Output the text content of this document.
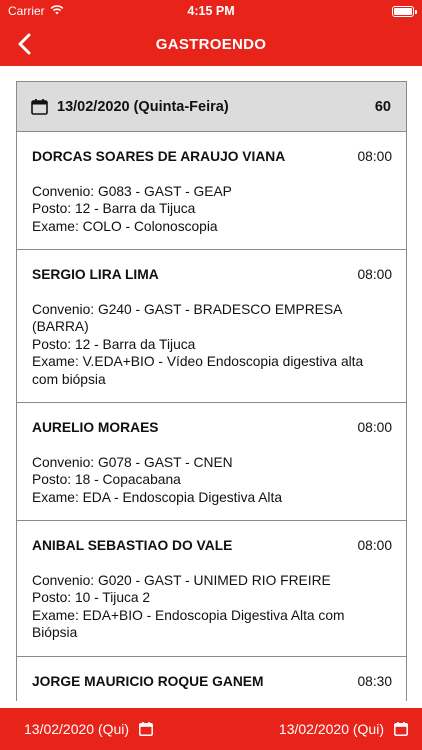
Carrier	4:15 PM
GASTROENDO
13/02/2020 (Quinta-Feira)	60
DORCAS SOARES DE ARAUJO VIANA	08:00
Convenio: G083 - GAST - GEAP
Posto: 12 - Barra da Tijuca
Exame: COLO - Colonoscopia
SERGIO LIRA LIMA	08:00
Convenio: G240 - GAST - BRADESCO EMPRESA (BARRA)
Posto: 12 - Barra da Tijuca
Exame: V.EDA+BIO - Vídeo Endoscopia digestiva alta com biópsia
AURELIO MORAES	08:00
Convenio: G078 - GAST - CNEN
Posto: 18 - Copacabana
Exame: EDA - Endoscopia Digestiva Alta
ANIBAL SEBASTIAO DO VALE	08:00
Convenio: G020 - GAST - UNIMED RIO FREIRE
Posto: 10 - Tijuca 2
Exame: EDA+BIO - Endoscopia Digestiva Alta com Biópsia
JORGE MAURICIO ROQUE GANEM	08:30
13/02/2020 (Qui)	13/02/2020 (Qui)
